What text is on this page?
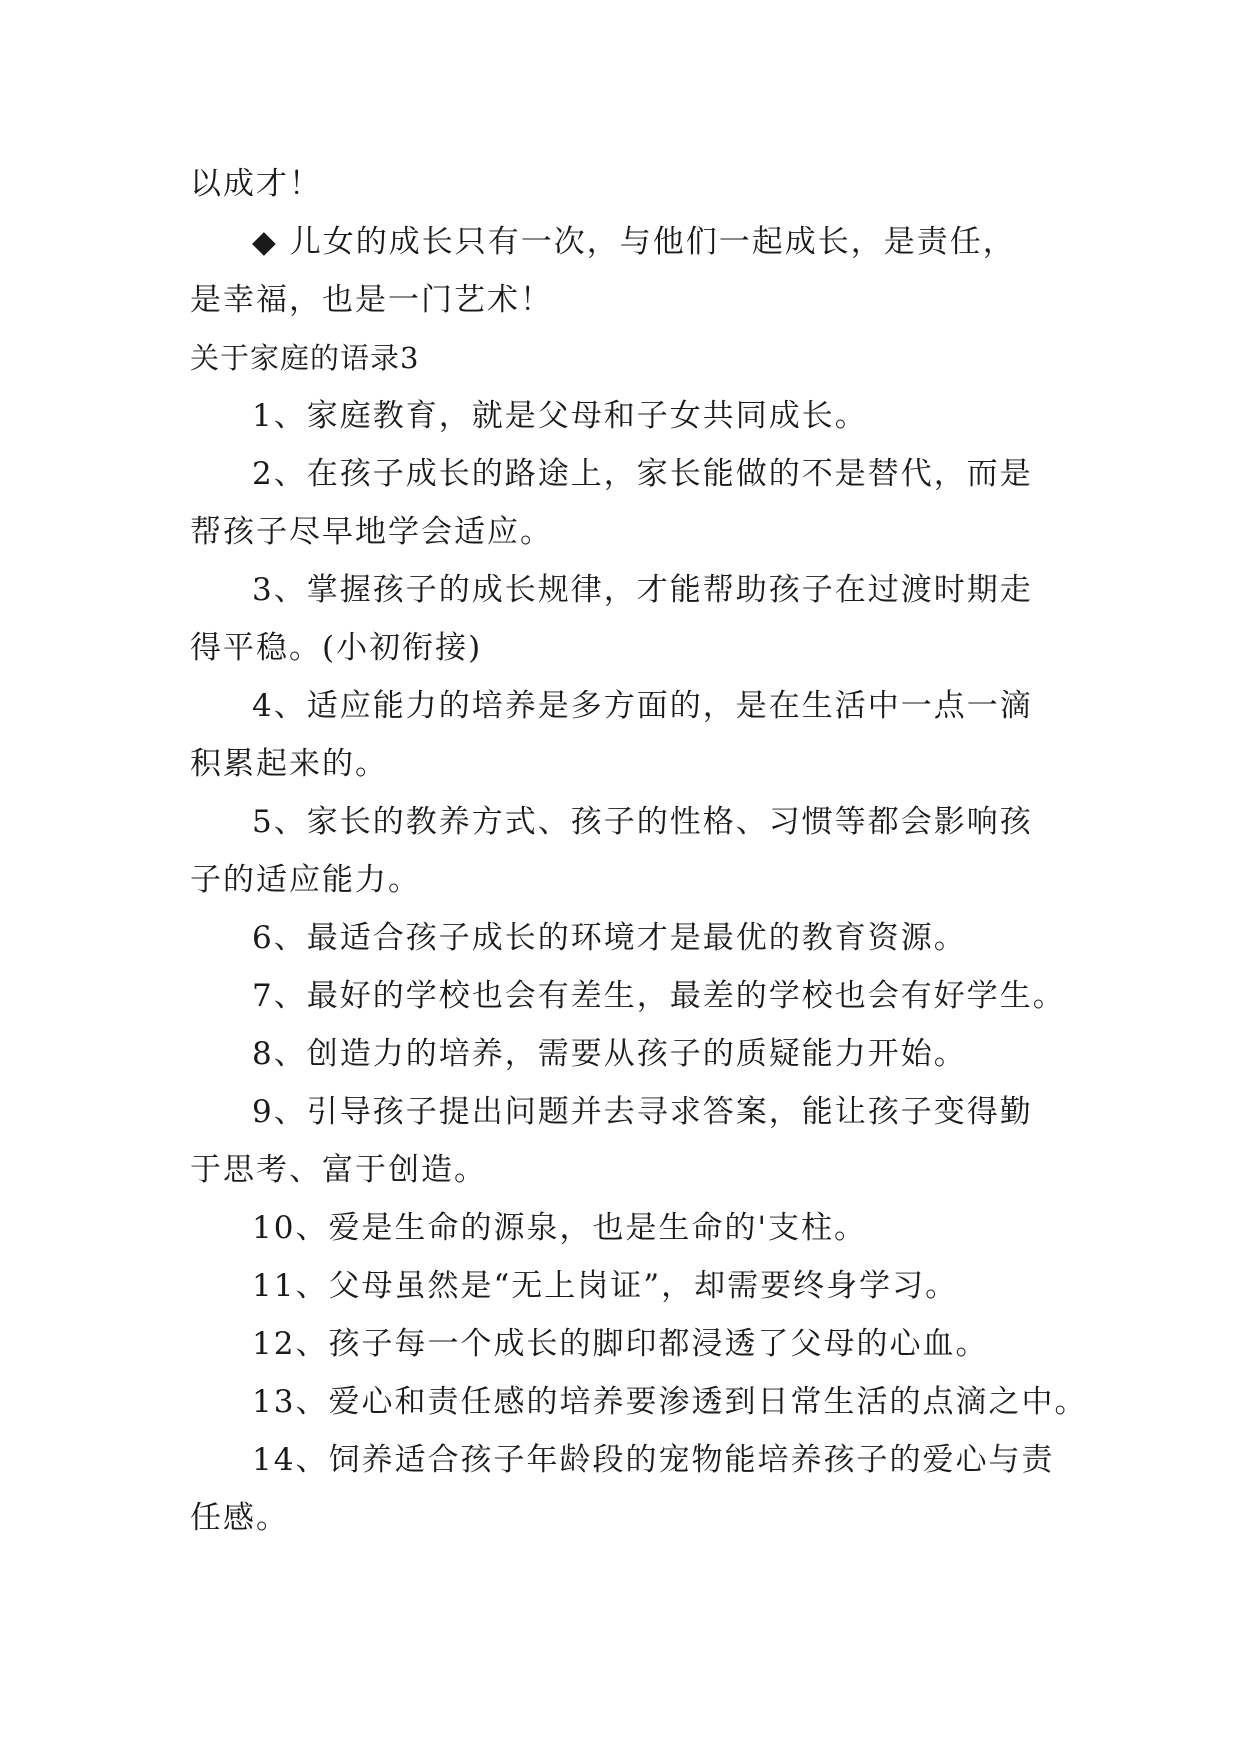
以成才！
◆ 儿女的成长只有一次，与他们一起成长，是责任，
是幸福，也是一门艺术！
关于家庭的语录3
1、家庭教育，就是父母和子女共同成长。
2、在孩子成长的路途上，家长能做的不是替代，而是
帮孩子尽早地学会适应。
3、掌握孩子的成长规律，才能帮助孩子在过渡时期走
得平稳。(小初衔接)
4、适应能力的培养是多方面的，是在生活中一点一滴
积累起来的。
5、家长的教养方式、孩子的性格、习惯等都会影响孩
子的适应能力。
6、最适合孩子成长的环境才是最优的教育资源。
7、最好的学校也会有差生，最差的学校也会有好学生。
8、创造力的培养，需要从孩子的质疑能力开始。
9、引导孩子提出问题并去寻求答案，能让孩子变得勤
于思考、富于创造。
10、爱是生命的源泉，也是生命的'支柱。
11、父母虽然是“无上岗证”，却需要终身学习。
12、孩子每一个成长的脚印都浸透了父母的心血。
13、爱心和责任感的培养要渗透到日常生活的点滴之中。
14、饲养适合孩子年龄段的宠物能培养孩子的爱心与责
任感。
